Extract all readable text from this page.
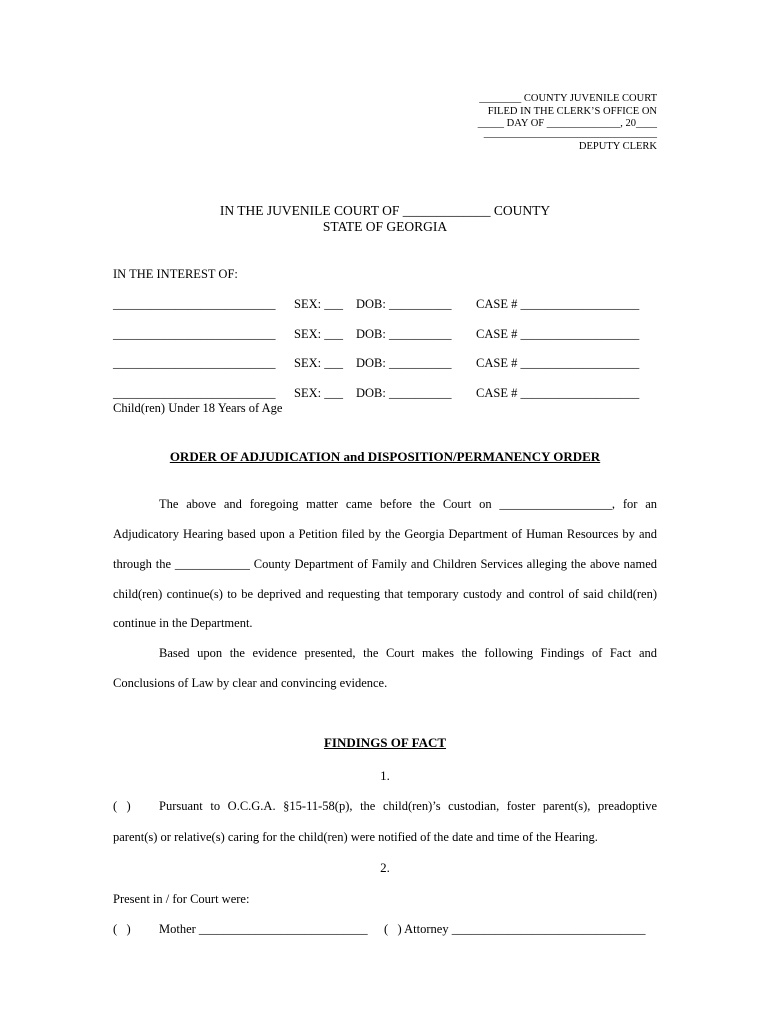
________ COUNTY JUVENILE COURT
FILED IN THE CLERK’S OFFICE ON
_____ DAY OF ______________, 20____
_________________________________
DEPUTY CLERK
IN THE JUVENILE COURT OF _____________ COUNTY
STATE OF GEORGIA
IN THE INTEREST OF:
__________________________ SEX: ___ DOB: __________ CASE # ___________________
__________________________ SEX: ___ DOB: __________ CASE # ___________________
__________________________ SEX: ___ DOB: __________ CASE # ___________________
__________________________ SEX: ___ DOB: __________ CASE # ___________________
Child(ren) Under 18 Years of Age
ORDER OF ADJUDICATION and DISPOSITION/PERMANENCY ORDER
The above and foregoing matter came before the Court on __________________, for an
Adjudicatory Hearing based upon a Petition filed by the Georgia Department of Human Resources by and
through the ____________ County Department of Family and Children Services alleging the above named
child(ren) continue(s) to be deprived and requesting that temporary custody and control of said child(ren)
continue in the Department.
Based upon the evidence presented, the Court makes the following Findings of Fact and
Conclusions of Law by clear and convincing evidence.
FINDINGS OF FACT
1.
(   ) Pursuant to O.C.G.A. §15-11-58(p), the child(ren)’s custodian, foster parent(s), preadoptive
parent(s) or relative(s) caring for the child(ren) were notified of the date and time of the Hearing.
2.
Present in / for Court were:
(   ) Mother ___________________________ (   ) Attorney _______________________________
